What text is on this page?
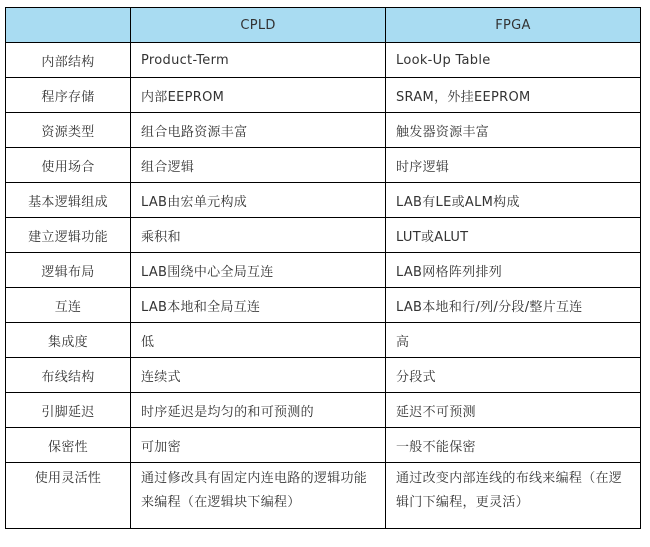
	CPLD	FPGA
内部结构	Product-Term	Look-Up Table
程序存储	内部EEPROM	SRAM，外挂EEPROM
资源类型	组合电路资源丰富	触发器资源丰富
使用场合	组合逻辑	时序逻辑
基本逻辑组成	LAB由宏单元构成	LAB有LE或ALM构成
建立逻辑功能	乘积和	LUT或ALUT
逻辑布局	LAB围绕中心全局互连	LAB网格阵列排列
互连	LAB本地和全局互连	LAB本地和行/列/分段/整片互连
集成度	低	高
布线结构	连续式	分段式
引脚延迟	时序延迟是均匀的和可预测的	延迟不可预测
保密性	可加密	一般不能保密
使用灵活性	通过修改具有固定内连电路的逻辑功能来编程（在逻辑块下编程）	通过改变内部连线的布线来编程（在逻辑门下编程，更灵活）
